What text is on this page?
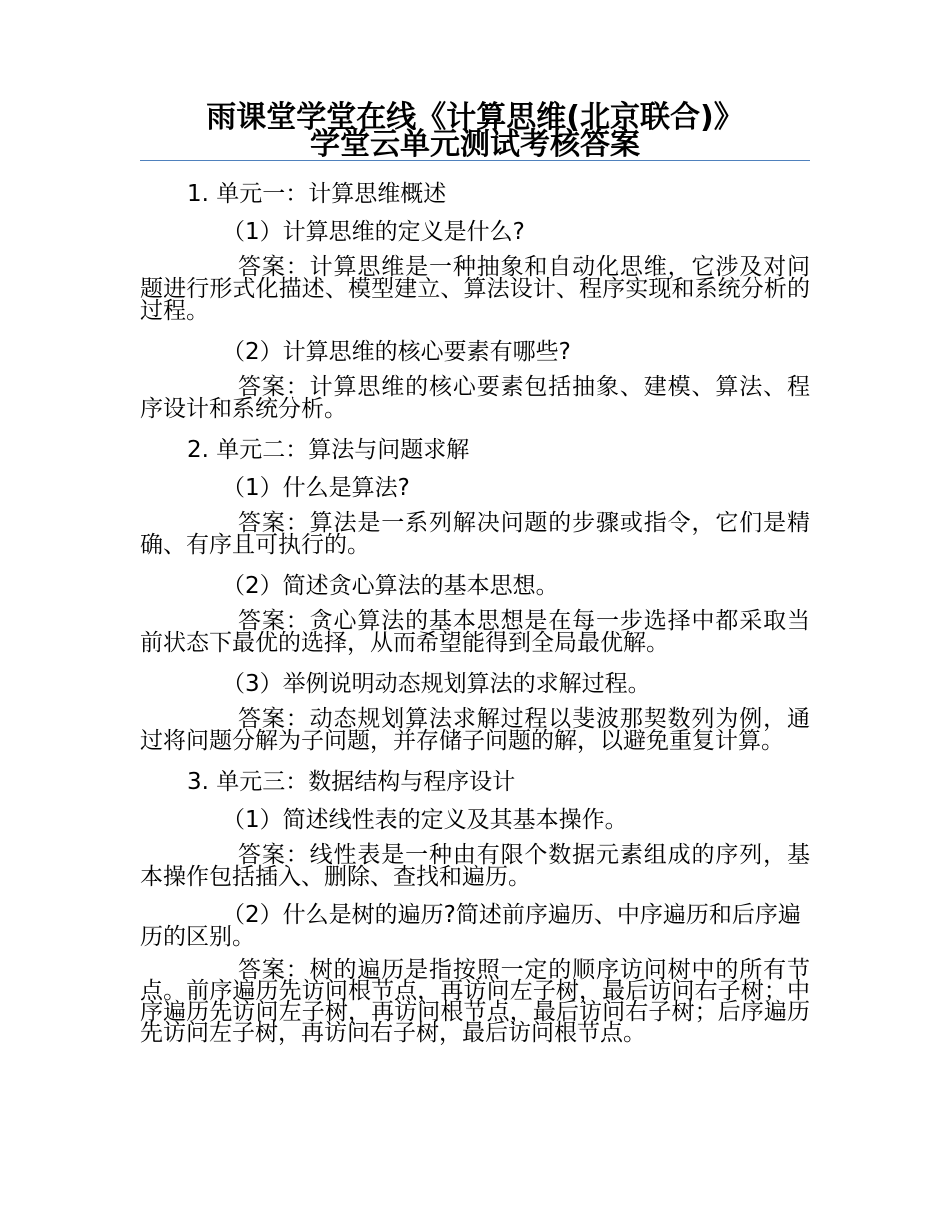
雨课堂学堂在线《计算思维(北京联合)》

学堂云单元测试考核答案

1. 单元一：计算思维概述

（1）计算思维的定义是什么?

答案：计算思维是一种抽象和自动化思维，它涉及对问题进行形式化描述、模型建立、算法设计、程序实现和系统分析的过程。

（2）计算思维的核心要素有哪些?

答案：计算思维的核心要素包括抽象、建模、算法、程序设计和系统分析。

2. 单元二：算法与问题求解

（1）什么是算法?

答案：算法是一系列解决问题的步骤或指令，它们是精确、有序且可执行的。

（2）简述贪心算法的基本思想。

答案：贪心算法的基本思想是在每一步选择中都采取当前状态下最优的选择，从而希望能得到全局最优解。

（3）举例说明动态规划算法的求解过程。

答案：动态规划算法求解过程以斐波那契数列为例，通过将问题分解为子问题，并存储子问题的解，以避免重复计算。

3. 单元三：数据结构与程序设计

（1）简述线性表的定义及其基本操作。

答案：线性表是一种由有限个数据元素组成的序列，基本操作包括插入、删除、查找和遍历。

（2）什么是树的遍历?简述前序遍历、中序遍历和后序遍历的区别。

答案：树的遍历是指按照一定的顺序访问树中的所有节点。前序遍历先访问根节点，再访问左子树，最后访问右子树；中序遍历先访问左子树，再访问根节点，最后访问右子树；后序遍历先访问左子树，再访问右子树，最后访问根节点。
